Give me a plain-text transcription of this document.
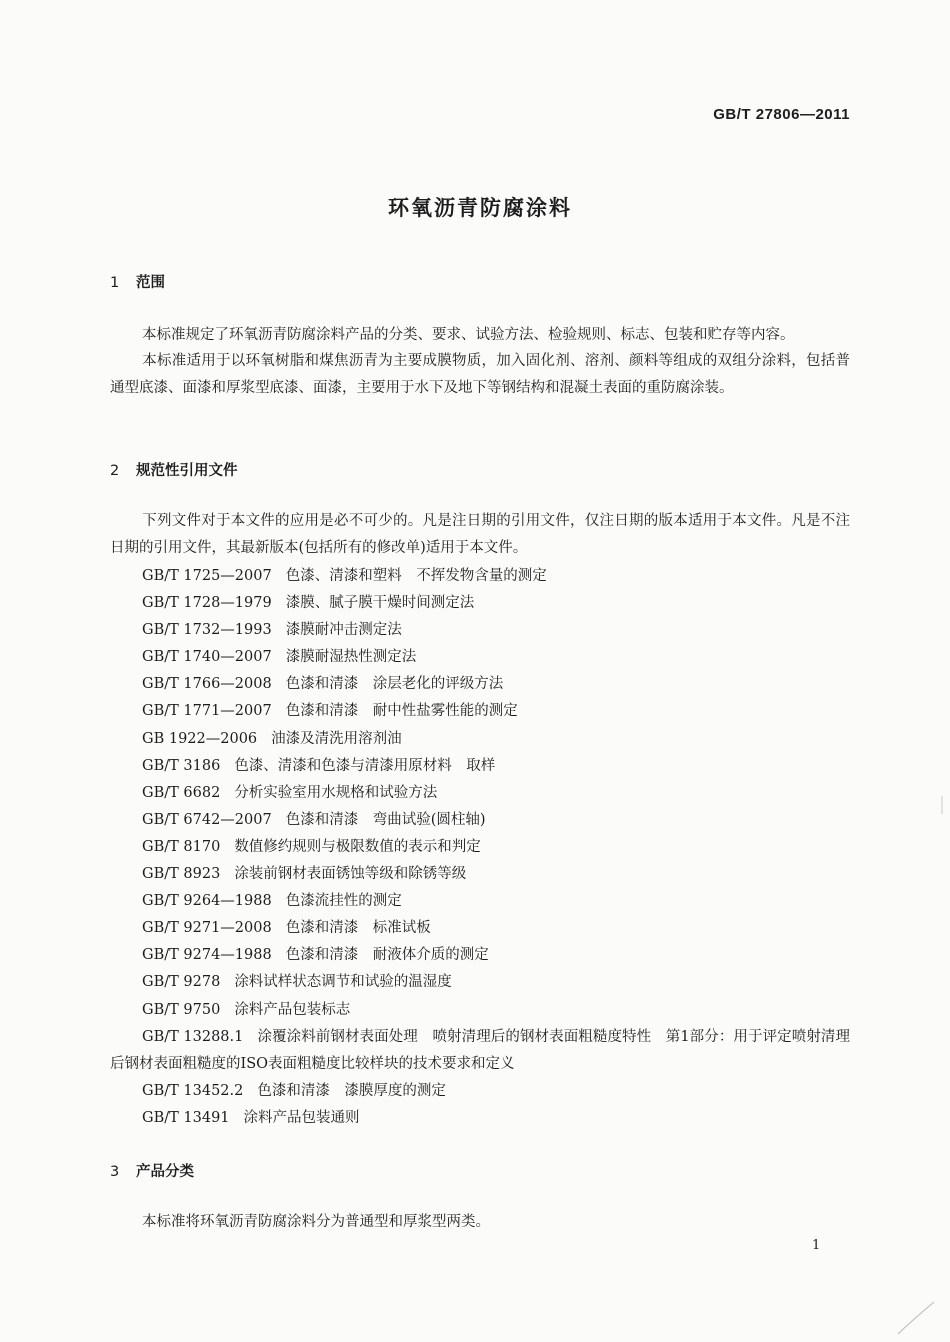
GB/T 27806—2011
环氧沥青防腐涂料
1 范围
本标准规定了环氧沥青防腐涂料产品的分类、要求、试验方法、检验规则、标志、包装和贮存等内容。
本标准适用于以环氧树脂和煤焦沥青为主要成膜物质，加入固化剂、溶剂、颜料等组成的双组分涂料，包括普通型底漆、面漆和厚浆型底漆、面漆，主要用于水下及地下等钢结构和混凝土表面的重防腐涂装。
2 规范性引用文件
下列文件对于本文件的应用是必不可少的。凡是注日期的引用文件，仅注日期的版本适用于本文件。凡是不注日期的引用文件，其最新版本(包括所有的修改单)适用于本文件。
GB/T 1725—2007 色漆、清漆和塑料　不挥发物含量的测定
GB/T 1728—1979 漆膜、腻子膜干燥时间测定法
GB/T 1732—1993 漆膜耐冲击测定法
GB/T 1740—2007 漆膜耐湿热性测定法
GB/T 1766—2008 色漆和清漆　涂层老化的评级方法
GB/T 1771—2007 色漆和清漆　耐中性盐雾性能的测定
GB 1922—2006 油漆及清洗用溶剂油
GB/T 3186 色漆、清漆和色漆与清漆用原材料　取样
GB/T 6682 分析实验室用水规格和试验方法
GB/T 6742—2007 色漆和清漆　弯曲试验(圆柱轴)
GB/T 8170 数值修约规则与极限数值的表示和判定
GB/T 8923 涂装前钢材表面锈蚀等级和除锈等级
GB/T 9264—1988 色漆流挂性的测定
GB/T 9271—2008 色漆和清漆　标准试板
GB/T 9274—1988 色漆和清漆　耐液体介质的测定
GB/T 9278 涂料试样状态调节和试验的温湿度
GB/T 9750 涂料产品包装标志
GB/T 13288.1 涂覆涂料前钢材表面处理　喷射清理后的钢材表面粗糙度特性　第1部分：用于评定喷射清理后钢材表面粗糙度的ISO表面粗糙度比较样块的技术要求和定义
GB/T 13452.2 色漆和清漆　漆膜厚度的测定
GB/T 13491 涂料产品包装通则
3 产品分类
本标准将环氧沥青防腐涂料分为普通型和厚浆型两类。
1
